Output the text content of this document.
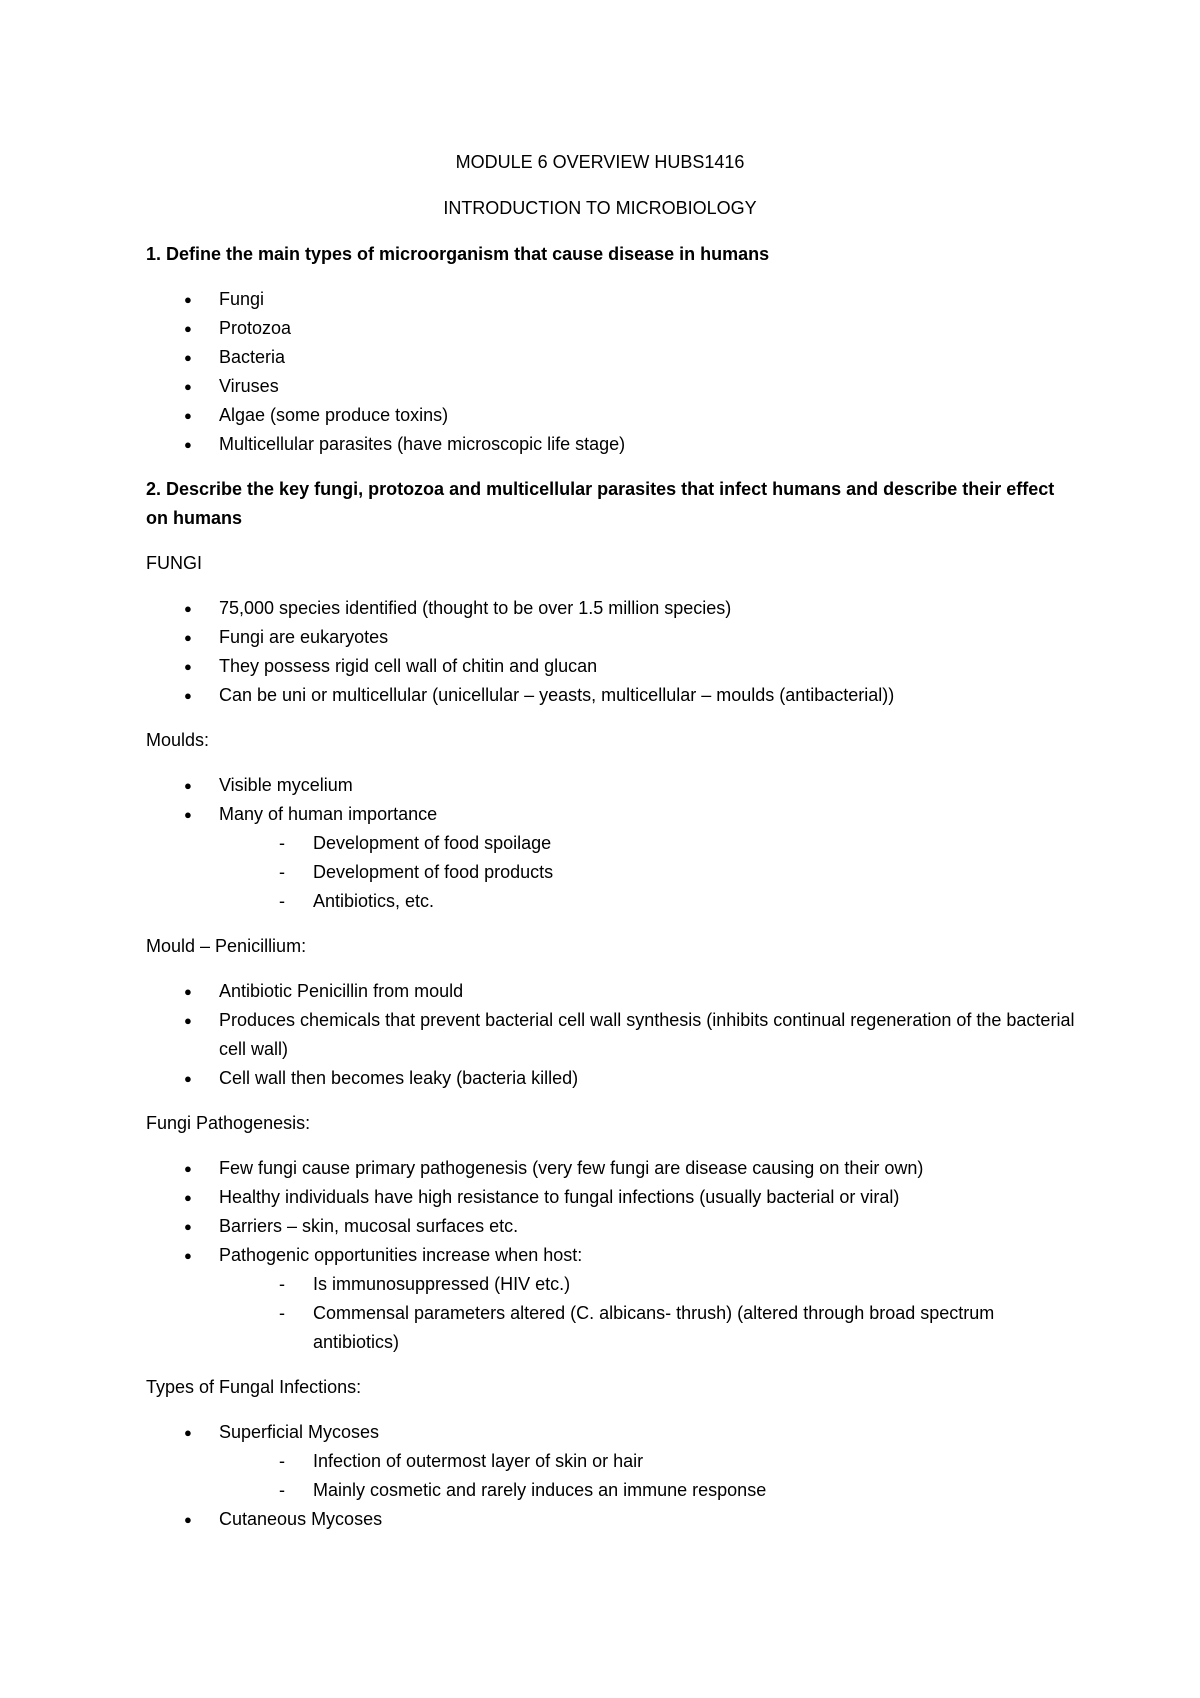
MODULE 6 OVERVIEW HUBS1416

INTRODUCTION TO MICROBIOLOGY

1. Define the main types of microorganism that cause disease in humans

● Fungi
● Protozoa
● Bacteria
● Viruses
● Algae (some produce toxins)
● Multicellular parasites (have microscopic life stage)

2. Describe the key fungi, protozoa and multicellular parasites that infect humans and describe their effect on humans

FUNGI

● 75,000 species identified (thought to be over 1.5 million species)
● Fungi are eukaryotes
● They possess rigid cell wall of chitin and glucan
● Can be uni or multicellular (unicellular – yeasts, multicellular – moulds (antibacterial))

Moulds:

● Visible mycelium
● Many of human importance
- Development of food spoilage
- Development of food products
- Antibiotics, etc.

Mould – Penicillium:

● Antibiotic Penicillin from mould
● Produces chemicals that prevent bacterial cell wall synthesis (inhibits continual regeneration of the bacterial cell wall)
● Cell wall then becomes leaky (bacteria killed)

Fungi Pathogenesis:

● Few fungi cause primary pathogenesis (very few fungi are disease causing on their own)
● Healthy individuals have high resistance to fungal infections (usually bacterial or viral)
● Barriers – skin, mucosal surfaces etc.
● Pathogenic opportunities increase when host:
- Is immunosuppressed (HIV etc.)
- Commensal parameters altered (C. albicans- thrush) (altered through broad spectrum antibiotics)

Types of Fungal Infections:

● Superficial Mycoses
- Infection of outermost layer of skin or hair
- Mainly cosmetic and rarely induces an immune response
● Cutaneous Mycoses
